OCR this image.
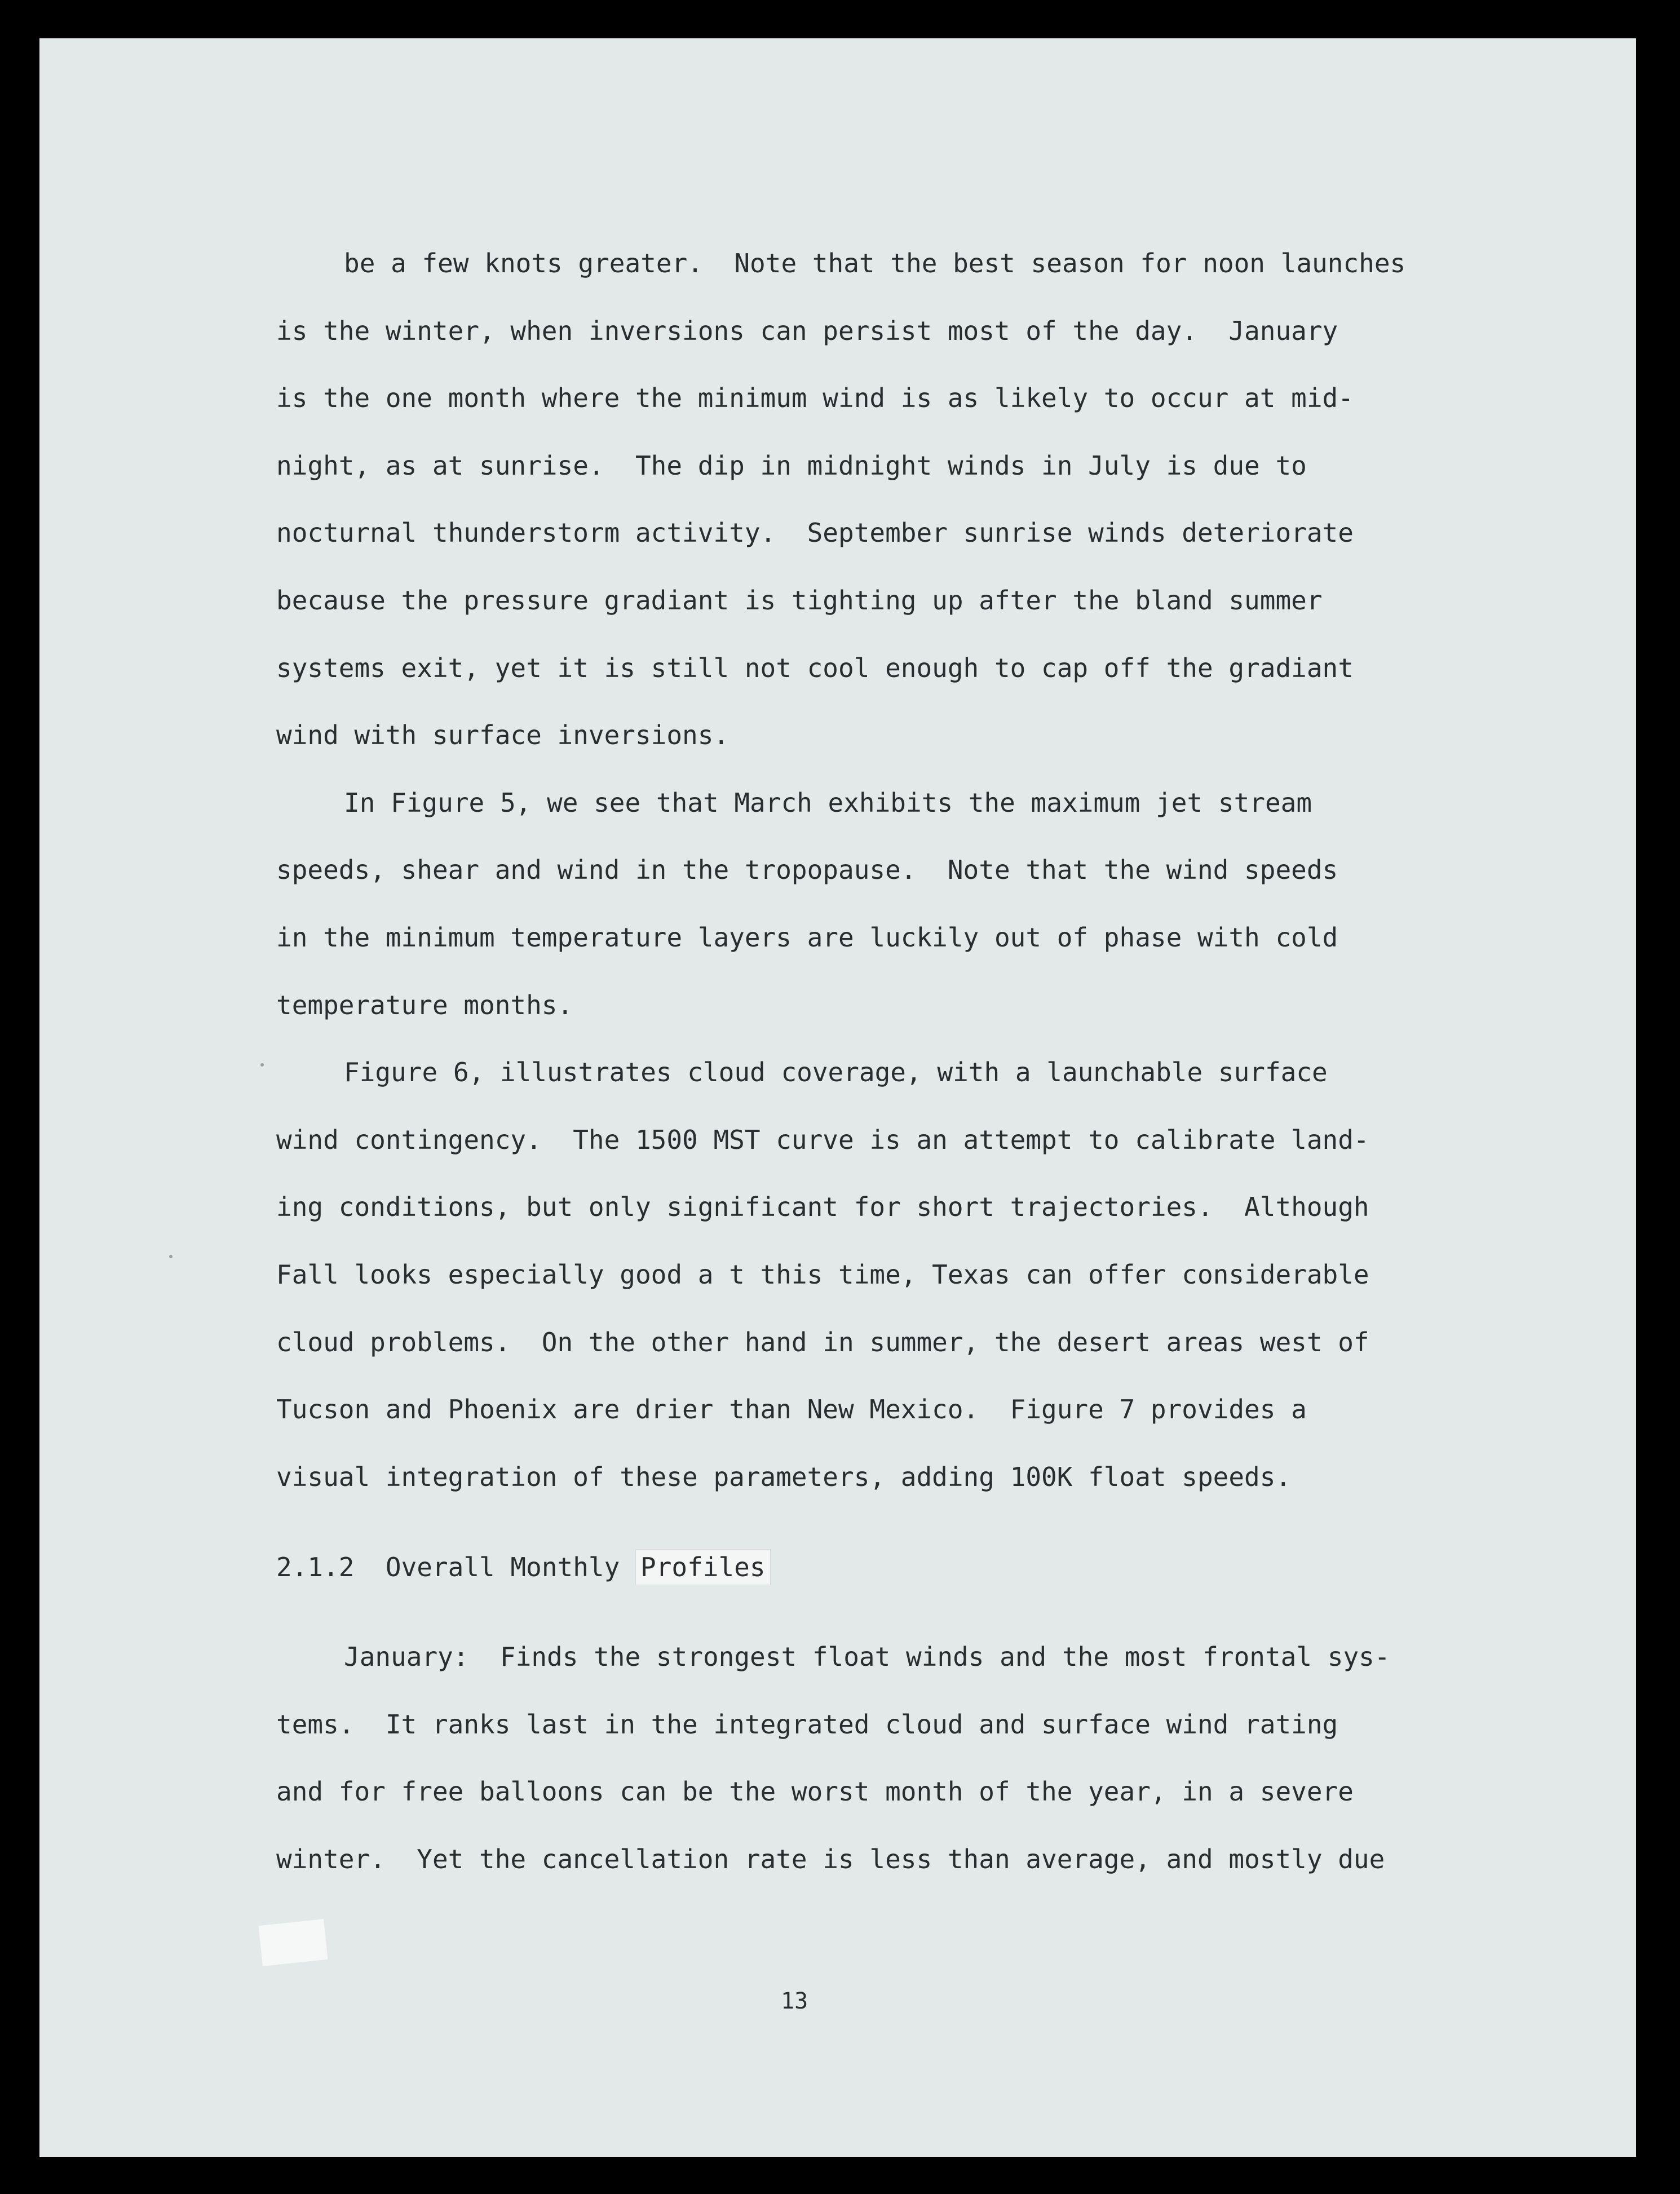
be a few knots greater.  Note that the best season for noon launches
is the winter, when inversions can persist most of the day.  January
is the one month where the minimum wind is as likely to occur at mid-
night, as at sunrise.  The dip in midnight winds in July is due to
nocturnal thunderstorm activity.  September sunrise winds deteriorate
because the pressure gradiant is tighting up after the bland summer
systems exit, yet it is still not cool enough to cap off the gradiant
wind with surface inversions.

In Figure 5, we see that March exhibits the maximum jet stream
speeds, shear and wind in the tropopause.  Note that the wind speeds
in the minimum temperature layers are luckily out of phase with cold
temperature months.

Figure 6, illustrates cloud coverage, with a launchable surface
wind contingency.  The 1500 MST curve is an attempt to calibrate land-
ing conditions, but only significant for short trajectories.  Although
Fall looks especially good a t this time, Texas can offer considerable
cloud problems.  On the other hand in summer, the desert areas west of
Tucson and Phoenix are drier than New Mexico.  Figure 7 provides a
visual integration of these parameters, adding 100K float speeds.

2.1.2 Overall Monthly Profiles

January:  Finds the strongest float winds and the most frontal sys-
tems.  It ranks last in the integrated cloud and surface wind rating
and for free balloons can be the worst month of the year, in a severe
winter.  Yet the cancellation rate is less than average, and mostly due

13
